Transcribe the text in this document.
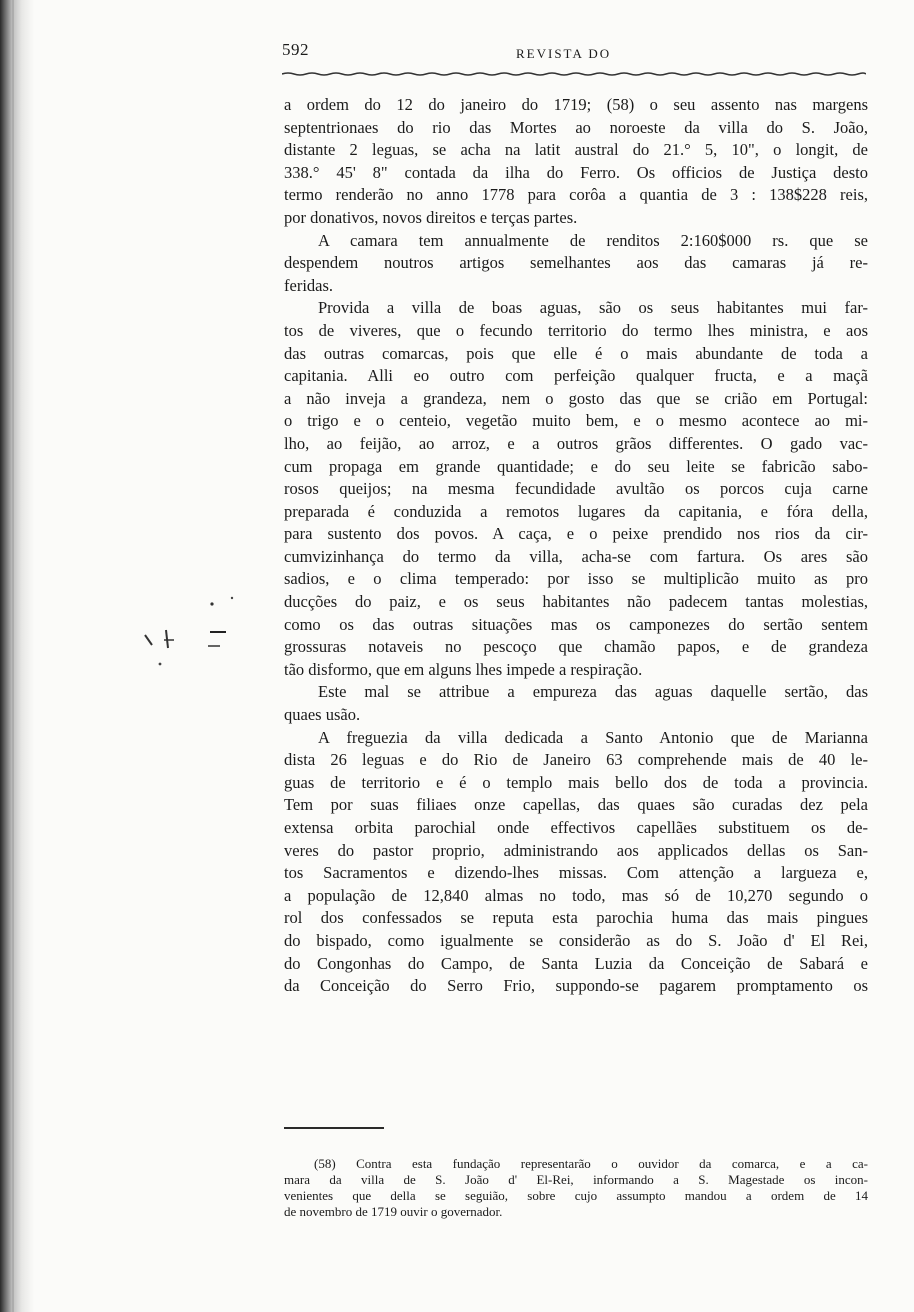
592	REVISTA DO
a ordem do 12 do janeiro do 1719; (58) o seu assento nas margens
septentrionaes do rio das Mortes ao noroeste da villa do S. João,
distante 2 leguas, se acha na latit austral do 21.° 5, 10", o longit, de
338.° 45' 8" contada da ilha do Ferro. Os officios de Justiça desto
termo renderão no anno 1778 para corôa a quantia de 3 : 138$228 reis,
por donativos, novos direitos e terças partes.
A camara tem annualmente de renditos 2:160$000 rs. que se
despendem noutros artigos semelhantes aos das camaras já re-
feridas.
Provida a villa de boas aguas, são os seus habitantes mui far-
tos de viveres, que o fecundo territorio do termo lhes ministra, e aos
das outras comarcas, pois que elle é o mais abundante de toda a
capitania. Alli eo outro com perfeição qualquer fructa, e a maçã
a não inveja a grandeza, nem o gosto das que se crião em Portugal:
o trigo e o centeio, vegetão muito bem, e o mesmo acontece ao mi-
lho, ao feijão, ao arroz, e a outros grãos differentes. O gado vac-
cum propaga em grande quantidade; e do seu leite se fabricão sabo-
rosos queijos; na mesma fecundidade avultão os porcos cuja carne
preparada é conduzida a remotos lugares da capitania, e fóra della,
para sustento dos povos. A caça, e o peixe prendido nos rios da cir-
cumvizinhança do termo da villa, acha-se com fartura. Os ares são
sadios, e o clima temperado: por isso se multiplicão muito as pro
ducções do paiz, e os seus habitantes não padecem tantas molestias,
como os das outras situações mas os camponezes do sertão sentem
grossuras notaveis no pescoço que chamão papos, e de grandeza
tão disformo, que em alguns lhes impede a respiração.
Este mal se attribue a empureza das aguas daquelle sertão, das
quaes usão.
A freguezia da villa dedicada a Santo Antonio que de Marianna
dista 26 leguas e do Rio de Janeiro 63 comprehende mais de 40 le-
guas de territorio e é o templo mais bello dos de toda a provincia.
Tem por suas filiaes onze capellas, das quaes são curadas dez pela
extensa orbita parochial onde effectivos capellães substituem os de-
veres do pastor proprio, administrando aos applicados dellas os San-
tos Sacramentos e dizendo-lhes missas. Com attenção a largueza e,
a população de 12,840 almas no todo, mas só de 10,270 segundo o
rol dos confessados se reputa esta parochia huma das mais pingues
do bispado, como igualmente se considerão as do S. João d' El Rei,
do Congonhas do Campo, de Santa Luzia da Conceição de Sabará e
da Conceição do Serro Frio, suppondo-se pagarem promptamento os
(58) Contra esta fundação representarão o ouvidor da comarca, e a ca-
mara da villa de S. João d' El-Rei, informando a S. Magestade os incon-
venientes que della se seguião, sobre cujo assumpto mandou a ordem de 14
de novembro de 1719 ouvir o governador.
